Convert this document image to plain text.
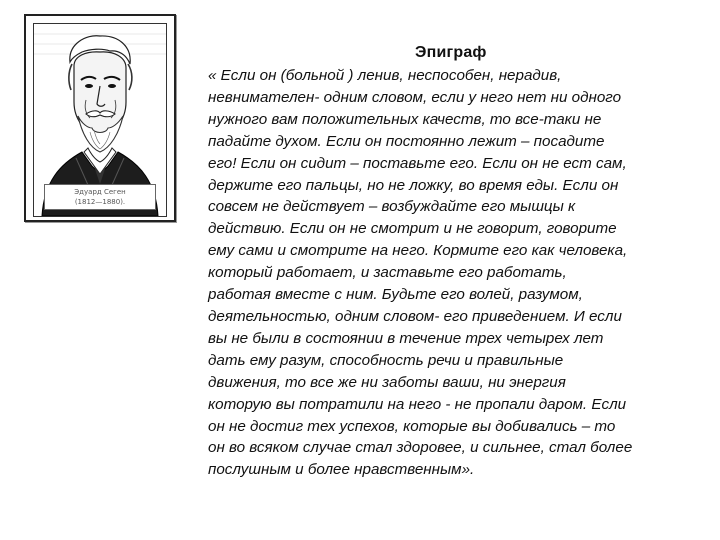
Эдуард Сеген
(1812—1880).
Эпиграф
« Если он (больной ) ленив, неспособен, нерадив,
невнимателен- одним словом, если у него нет ни одного
нужного вам положительных качеств, то все-таки не
падайте духом. Если он постоянно лежит – посадите
его! Если он сидит – поставьте его. Если он не ест сам,
держите его пальцы, но не ложку, во время еды. Если он
совсем не действует – возбуждайте его мышцы к
действию. Если он не смотрит и не говорит, говорите
ему сами и смотрите на него. Кормите его как человека,
который работает, и заставьте его работать,
работая вместе с ним. Будьте его волей, разумом,
деятельностью, одним словом- его приведением. И если
вы не были в состоянии в течение трех четырех лет
дать ему разум, способность речи и правильные
движения, то все же ни заботы ваши, ни энергия
которую вы потратили на него - не пропали даром. Если
он не достиг тех успехов, которые вы добивались – то
он во всяком случае стал здоровее, и сильнее, стал более
послушным и более нравственным».
